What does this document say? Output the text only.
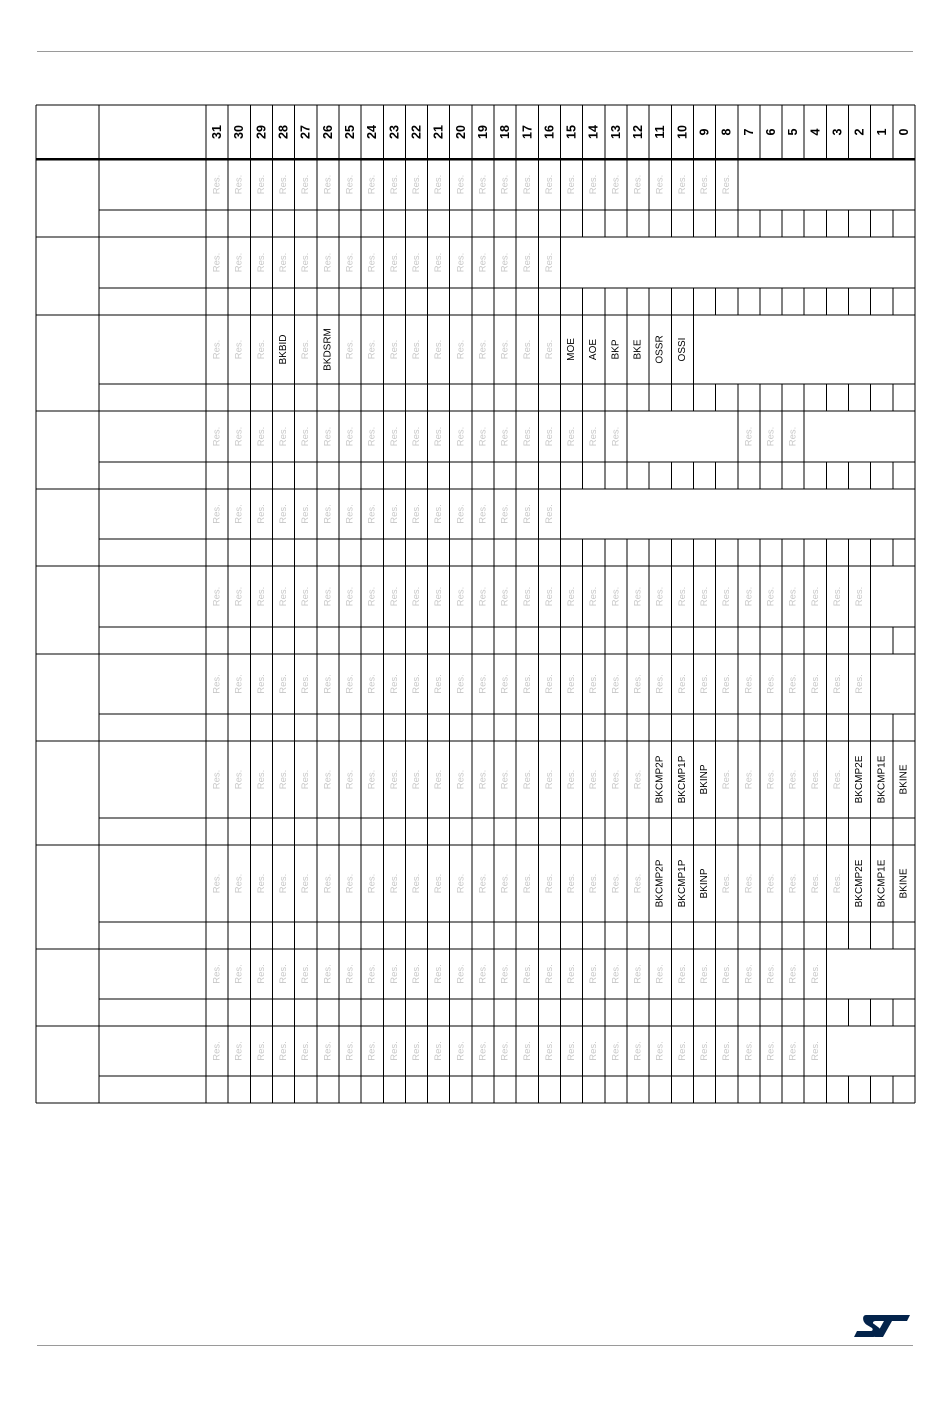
31 30 29 28 27 26 25 24 23 22 21 20 19 18 17 16 15 14 13 12 11 10 9 8 7 6 5 4 3 2 1 0
Res. Res. Res. Res. Res. Res. Res. Res. Res. Res. Res. Res. Res. Res. Res. Res. Res. Res. Res. Res. Res. Res. Res. Res.
Res. Res. Res. Res. Res. Res. Res. Res. Res. Res. Res. Res. Res. Res. Res. Res.
Res. Res. Res. BKBID Res. BKDSRM Res. Res. Res. Res. Res. Res. Res. Res. Res. Res. MOE AOE BKP BKE OSSR OSSI
Res. Res. Res. Res. Res. Res. Res. Res. Res. Res. Res. Res. Res. Res. Res. Res. Res. Res. Res.	Res. Res. Res.
Res. Res. Res. Res. Res. Res. Res. Res. Res. Res. Res. Res. Res. Res. Res. Res.
Res. Res. Res. Res. Res. Res. Res. Res. Res. Res. Res. Res. Res. Res. Res. Res. Res. Res. Res. Res. Res. Res. Res. Res. Res. Res. Res. Res. Res. Res.
Res. Res. Res. Res. Res. Res. Res. Res. Res. Res. Res. Res. Res. Res. Res. Res. Res. Res. Res. Res. Res. Res. Res. Res. Res. Res. Res. Res. Res. Res.
Res. Res. Res. Res. Res. Res. Res. Res. Res. Res. Res. Res. Res. Res. Res. Res. Res. Res. Res. Res. BKCMP2P BKCMP1P BKINP Res. Res. Res. Res. Res. Res. BKCMP2E BKCMP1E BKINE
Res. Res. Res. Res. Res. Res. Res. Res. Res. Res. Res. Res. Res. Res. Res. Res. Res. Res. Res. Res. BKCMP2P BKCMP1P BKINP Res. Res. Res. Res. Res. Res. BKCMP2E BKCMP1E BKINE
Res. Res. Res. Res. Res. Res. Res. Res. Res. Res. Res. Res. Res. Res. Res. Res. Res. Res. Res. Res. Res. Res. Res. Res. Res. Res. Res. Res.
Res. Res. Res. Res. Res. Res. Res. Res. Res. Res. Res. Res. Res. Res. Res. Res. Res. Res. Res. Res. Res. Res. Res. Res. Res. Res. Res. Res.
